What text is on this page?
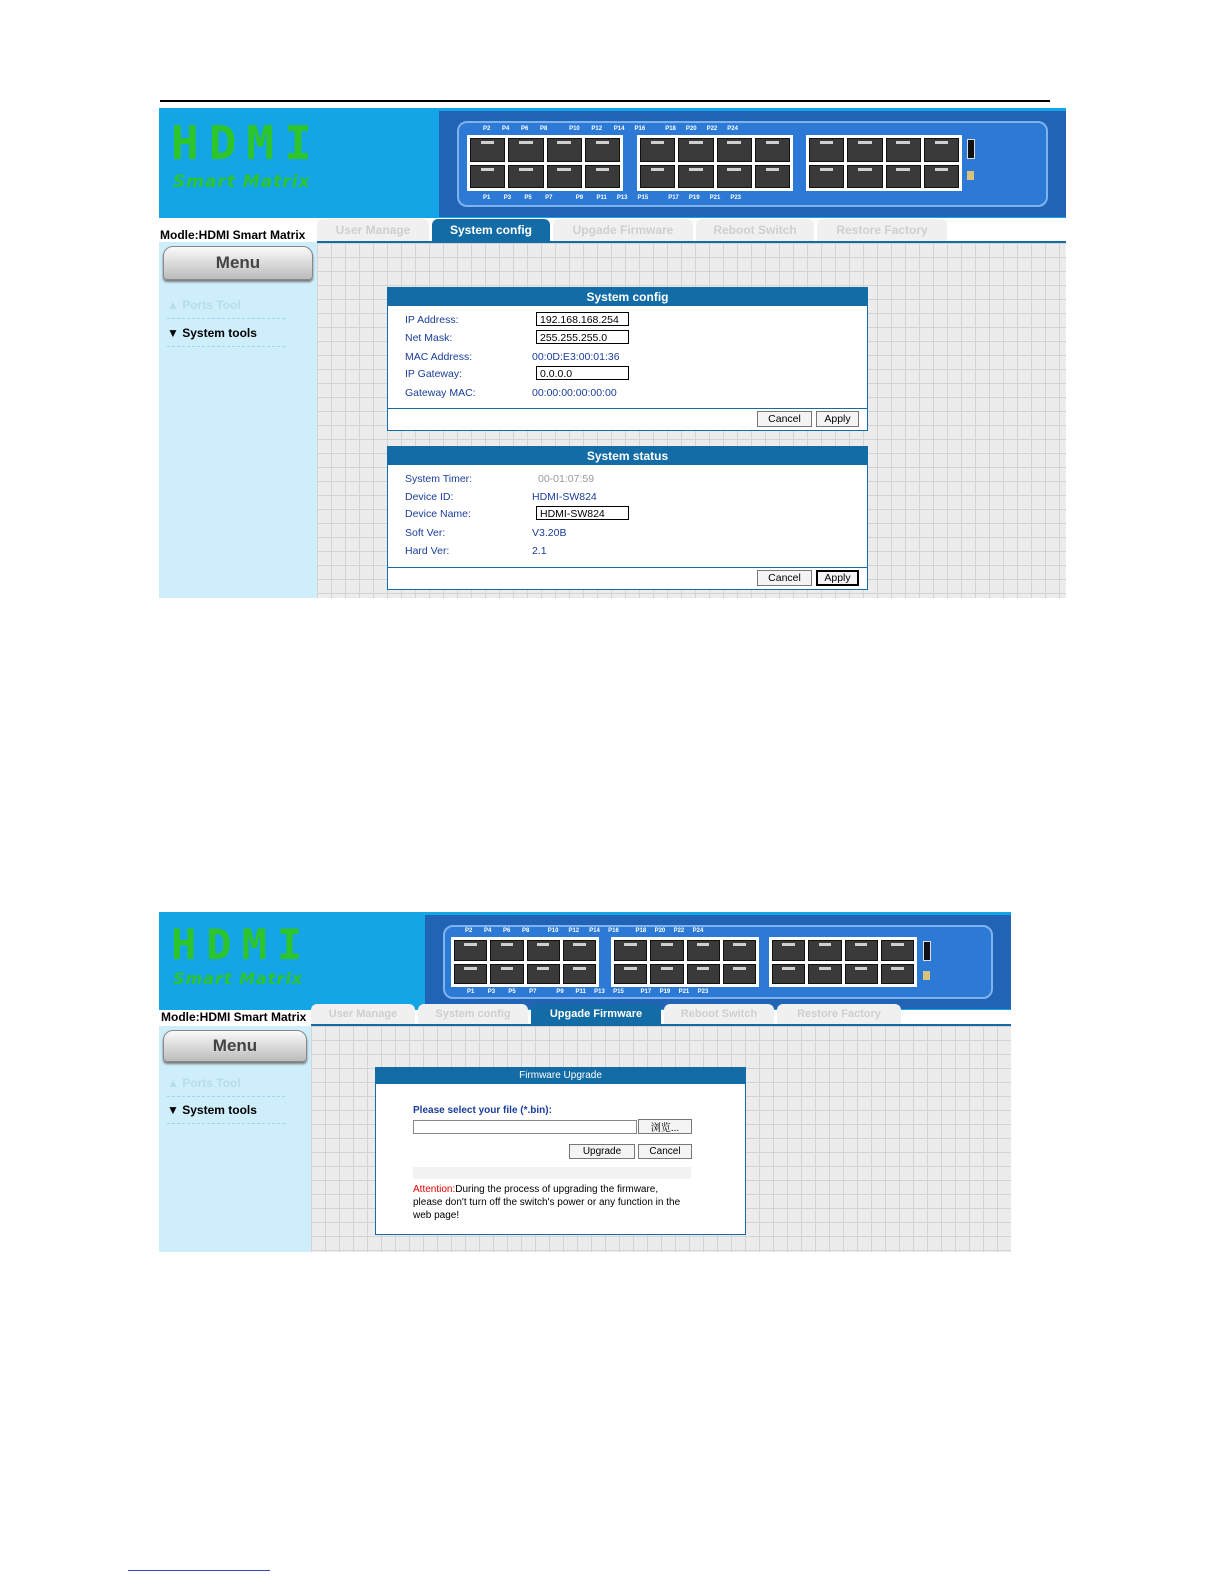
HDMI
Smart Matrix
P2 P4 P6 P8	P10 P12 P14 P16	P18 P20 P22 P24
P1 P3 P5 P7	P9 P11 P13 P15	P17 P19 P21 P23
Modle:HDMI Smart Matrix	User Manage	System config	Upgade Firmware	Reboot Switch	Restore Factory
Menu
▲ Ports Tool
▼ System tools
System config
IP Address:	192.168.168.254
Net Mask:	255.255.255.0
MAC Address:	00:0D:E3:00:01:36
IP Gateway:	0.0.0.0
Gateway MAC:	00:00:00:00:00:00
Cancel	Apply
System status
System Timer:	00-01:07:59
Device ID:	HDMI-SW824
Device Name:	HDMI-SW824
Soft Ver:	V3.20B
Hard Ver:	2.1
Cancel	Apply
HDMI
Smart Matrix
P2 P4 P6 P8	P10 P12 P14 P16	P18 P20 P22 P24
P1 P3 P5 P7	P9 P11 P13 P15	P17 P19 P21 P23
Modle:HDMI Smart Matrix	User Manage	System config	Upgade Firmware	Reboot Switch	Restore Factory
Menu
▲ Ports Tool
▼ System tools
Firmware Upgrade
Please select your file (*.bin):
浏览...
Upgrade	Cancel
Attention:During the process of upgrading the firmware,
please don't turn off the switch's power or any function in the
web page!
